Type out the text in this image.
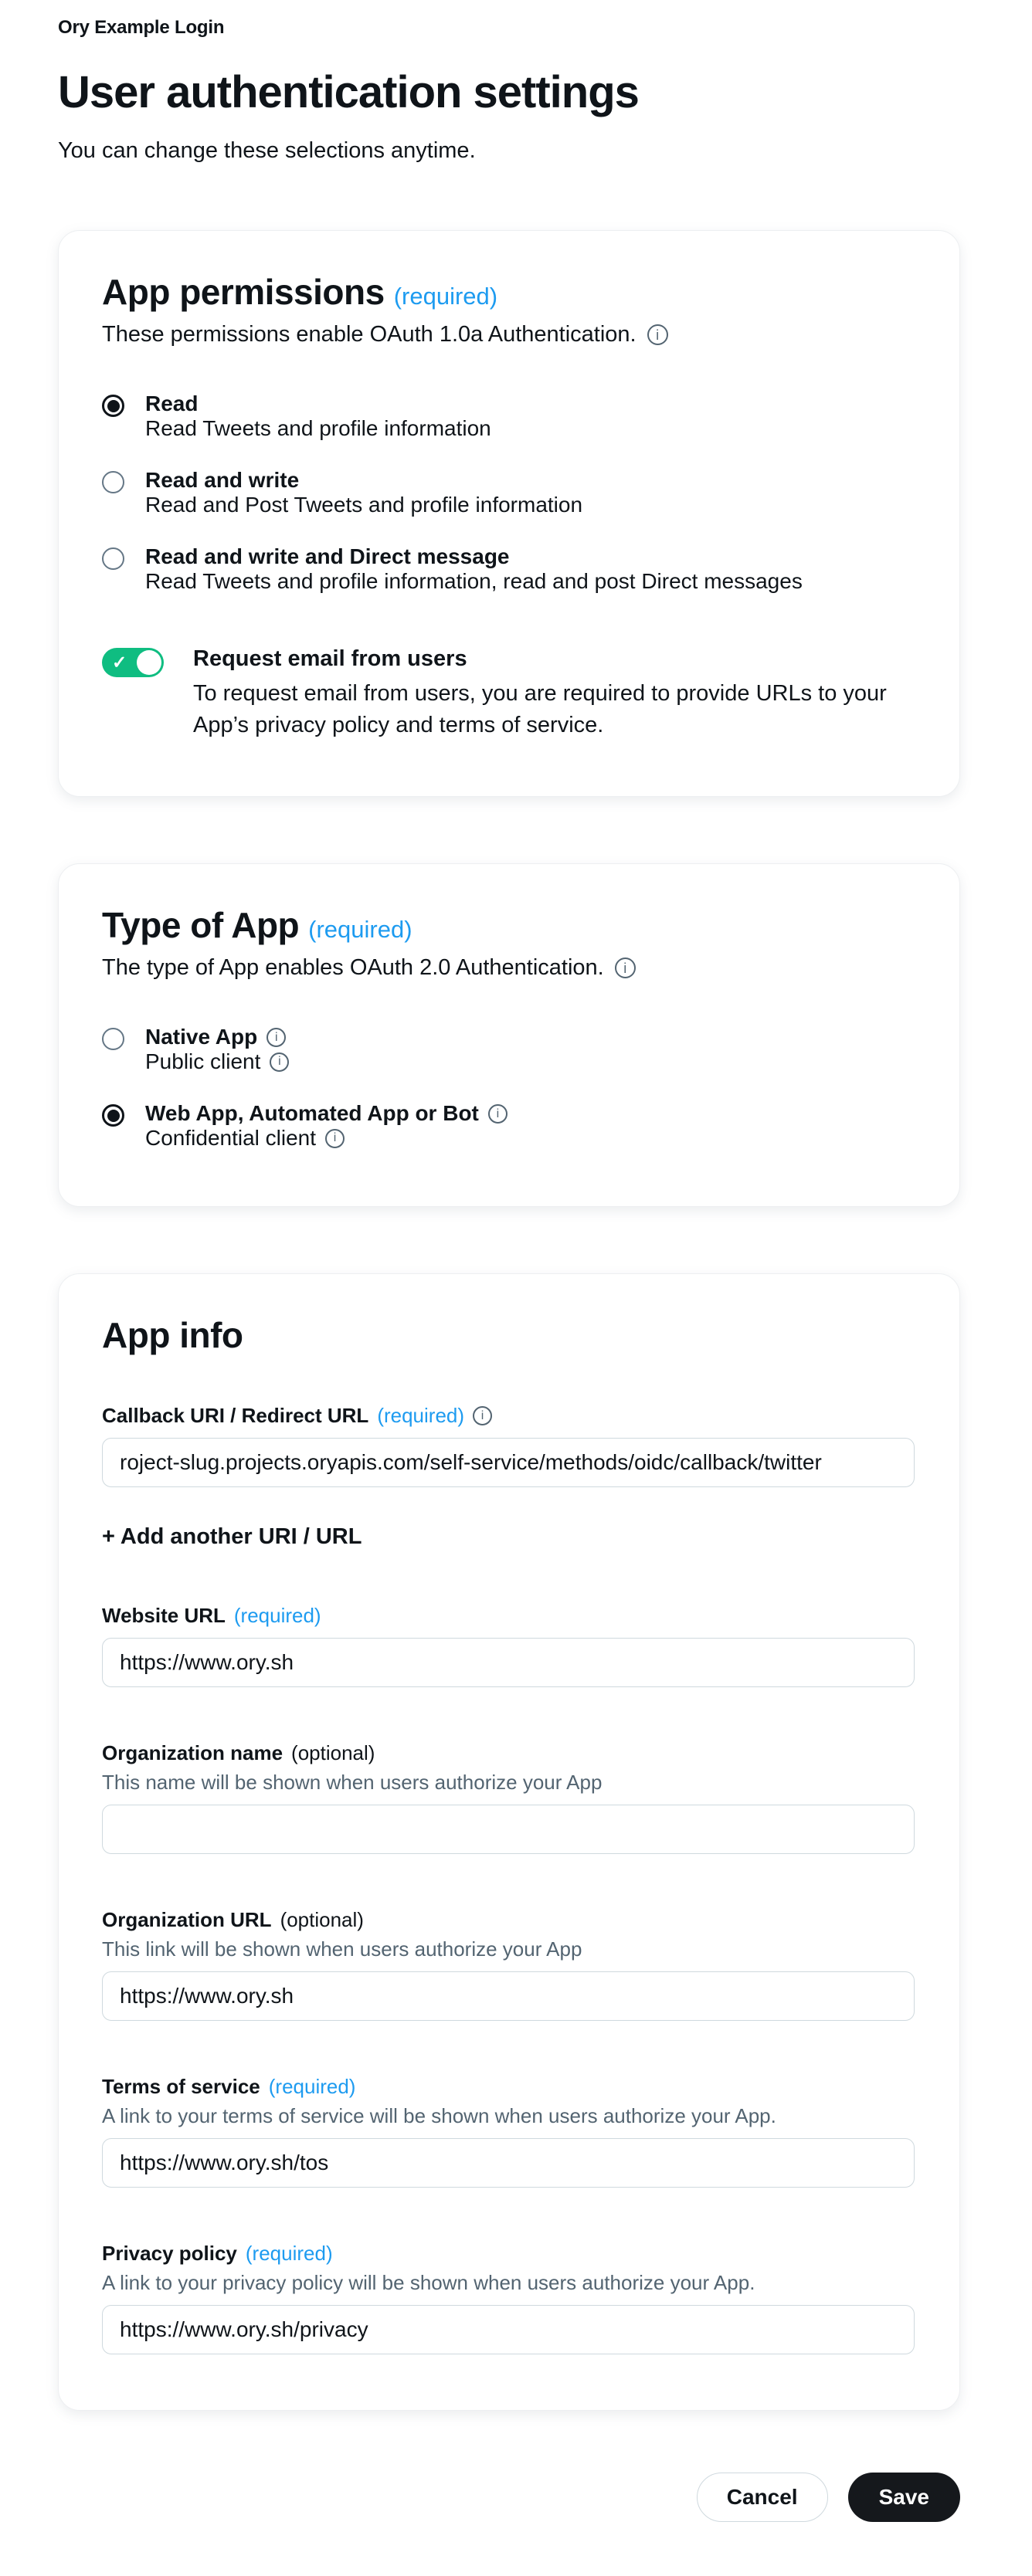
Ory Example Login
User authentication settings
You can change these selections anytime.
App permissions (required)
These permissions enable OAuth 1.0a Authentication.	i
Read
Read Tweets and profile information
Read and write
Read and Post Tweets and profile information
Read and write and Direct message
Read Tweets and profile information, read and post Direct messages
✓	Request email from users
To request email from users, you are required to provide URLs to your App’s privacy policy and terms of service.
Type of App (required)
The type of App enables OAuth 2.0 Authentication.	i
Native App	i
Public client	i
Web App, Automated App or Bot	i
Confidential client	i
App info
Callback URI / Redirect URL (required)	i
roject-slug.projects.oryapis.com/self-service/methods/oidc/callback/twitter
+ Add another URI / URL
Website URL (required)
https://www.ory.sh
Organization name (optional)
This name will be shown when users authorize your App
Organization URL (optional)
This link will be shown when users authorize your App
https://www.ory.sh
Terms of service (required)
A link to your terms of service will be shown when users authorize your App.
https://www.ory.sh/tos
Privacy policy (required)
A link to your privacy policy will be shown when users authorize your App.
https://www.ory.sh/privacy
Cancel	Save
